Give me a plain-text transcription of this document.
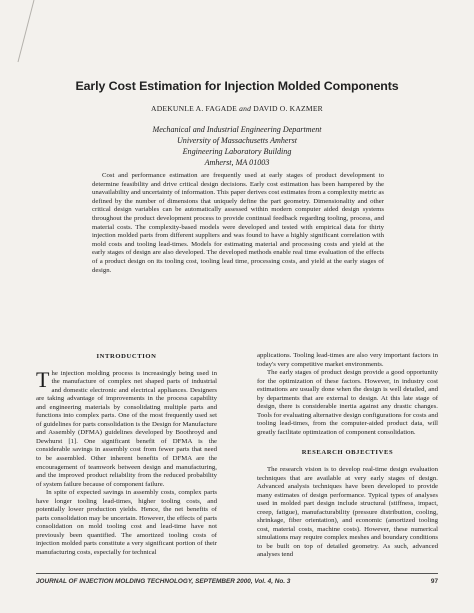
Early Cost Estimation for Injection Molded Components
ADEKUNLE A. FAGADE and DAVID O. KAZMER
Mechanical and Industrial Engineering Department
University of Massachusetts Amherst
Engineering Laboratory Building
Amherst, MA 01003

Cost and performance estimation are frequently used at early stages of product development to determine feasibility and drive critical design decisions. Early cost estimation has been hampered by the unavailability and uncertainty of information. This paper derives cost estimates from a complexity metric as defined by the number of dimensions that uniquely define the part geometry. Dimensionality and other critical design variables can be automatically assessed within modern computer aided design systems throughout the product development process to provide continual feedback regarding tooling, process, and material costs. The complexity-based models were developed and tested with empirical data for thirty injection molded parts from different suppliers and was found to have a highly significant correlation with mold costs and tooling lead-times. Models for estimating material and processing costs and yield at the early stages of design are also developed. The developed methods enable real time evaluation of the effects of a product design on its tooling cost, tooling lead time, processing costs, and yield at the early stages of design.

INTRODUCTION

The injection molding process is increasingly being used in the manufacture of complex net shaped parts of industrial and domestic electronic and electrical appliances. Designers are taking advantage of improvements in the process capability and engineering materials by consolidating multiple parts and functions into complex parts. One of the most frequently used set of guidelines for parts consolidation is the Design for Manufacture and Assembly (DFMA) guidelines developed by Boothroyd and Dewhurst [1]. One significant benefit of DFMA is the considerable savings in assembly cost from fewer parts that need to be assembled. Other inherent benefits of DFMA are the encouragement of teamwork between design and manufacturing, and the improved product reliability from the reduced probability of system failure because of component failure.

In spite of expected savings in assembly costs, complex parts have longer tooling lead-times, higher tooling costs, and potentially lower production yields. Hence, the net benefits of parts consolidation may be uncertain. However, the effects of parts consolidation on mold tooling cost and lead-time have not previously been quantified. The amortized tooling costs of injection molded parts constitute a very significant portion of their manufacturing costs, especially for technical

applications. Tooling lead-times are also very important factors in today's very competitive market environments.

The early stages of product design provide a good opportunity for the optimization of these factors. However, in industry cost estimations are usually done when the design is well detailed, and by departments that are external to design. At this late stage of design, there is considerable inertia against any drastic changes. Tools for evaluating alternative design configurations for costs and tooling lead-times, from the computer-aided product data, will greatly facilitate optimization of component consolidation.

RESEARCH OBJECTIVES

The research vision is to develop real-time design evaluation techniques that are available at very early stages of design. Advanced analysis techniques have been developed to provide many estimates of design performance. Typical types of analyses used in molded part design include structural (stiffness, impact, creep, fatigue), manufacturability (pressure distribution, cooling, shrinkage, fiber orientation), and economic (amortized tooling cost, material costs, machine costs). However, these numerical simulations may require complex meshes and boundary conditions to be built on top of detailed geometry. As such, advanced analyses tend

JOURNAL OF INJECTION MOLDING TECHNOLOGY, SEPTEMBER 2000, Vol. 4, No. 3	97
